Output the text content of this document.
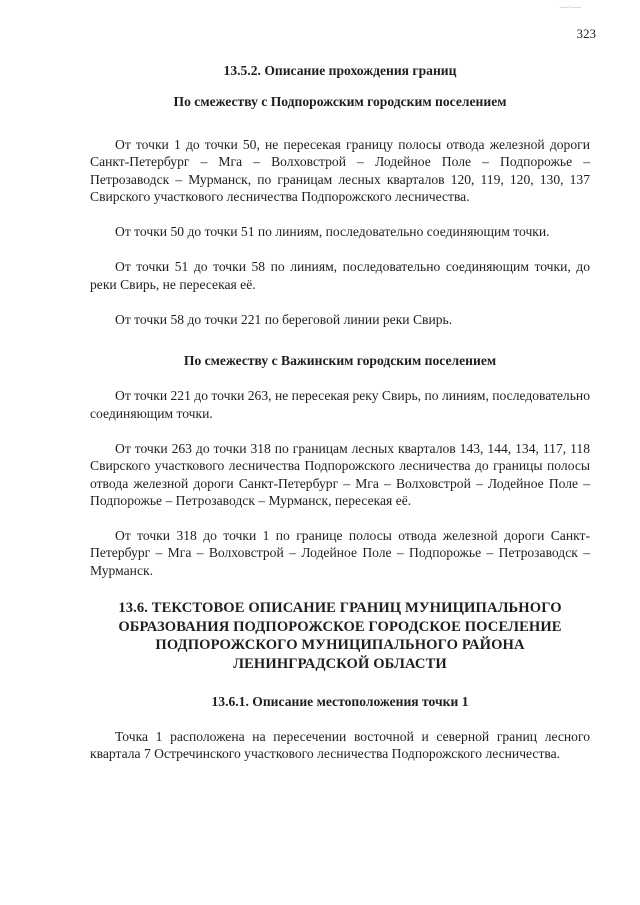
323
—·—
13.5.2. Описание прохождения границ
По смежеству с Подпорожским городским поселением

От точки 1 до точки 50, не пересекая границу полосы отвода железной дороги Санкт-Петербург – Мга – Волховстрой – Лодейное Поле – Подпорожье – Петрозаводск – Мурманск, по границам лесных кварталов 120, 119, 120, 130, 137 Свирского участкового лесничества Подпорожского лесничества.

От точки 50 до точки 51 по линиям, последовательно соединяющим точки.

От точки 51 до точки 58 по линиям, последовательно соединяющим точки, до реки Свирь, не пересекая её.

От точки 58 до точки 221 по береговой линии реки Свирь.

По смежеству с Важинским городским поселением

От точки 221 до точки 263, не пересекая реку Свирь, по линиям, последовательно соединяющим точки.

От точки 263 до точки 318 по границам лесных кварталов 143, 144, 134, 117, 118 Свирского участкового лесничества Подпорожского лесничества до границы полосы отвода железной дороги Санкт-Петербург – Мга – Волховстрой – Лодейное Поле – Подпорожье – Петрозаводск – Мурманск, пересекая её.

От точки 318 до точки 1 по границе полосы отвода железной дороги Санкт-Петербург – Мга – Волховстрой – Лодейное Поле – Подпорожье – Петрозаводск – Мурманск.

13.6. ТЕКСТОВОЕ ОПИСАНИЕ ГРАНИЦ МУНИЦИПАЛЬНОГО ОБРАЗОВАНИЯ ПОДПОРОЖСКОЕ ГОРОДСКОЕ ПОСЕЛЕНИЕ ПОДПОРОЖСКОГО МУНИЦИПАЛЬНОГО РАЙОНА ЛЕНИНГРАДСКОЙ ОБЛАСТИ
13.6.1. Описание местоположения точки 1

Точка 1 расположена на пересечении восточной и северной границ лесного квартала 7 Остречинского участкового лесничества Подпорожского лесничества.
